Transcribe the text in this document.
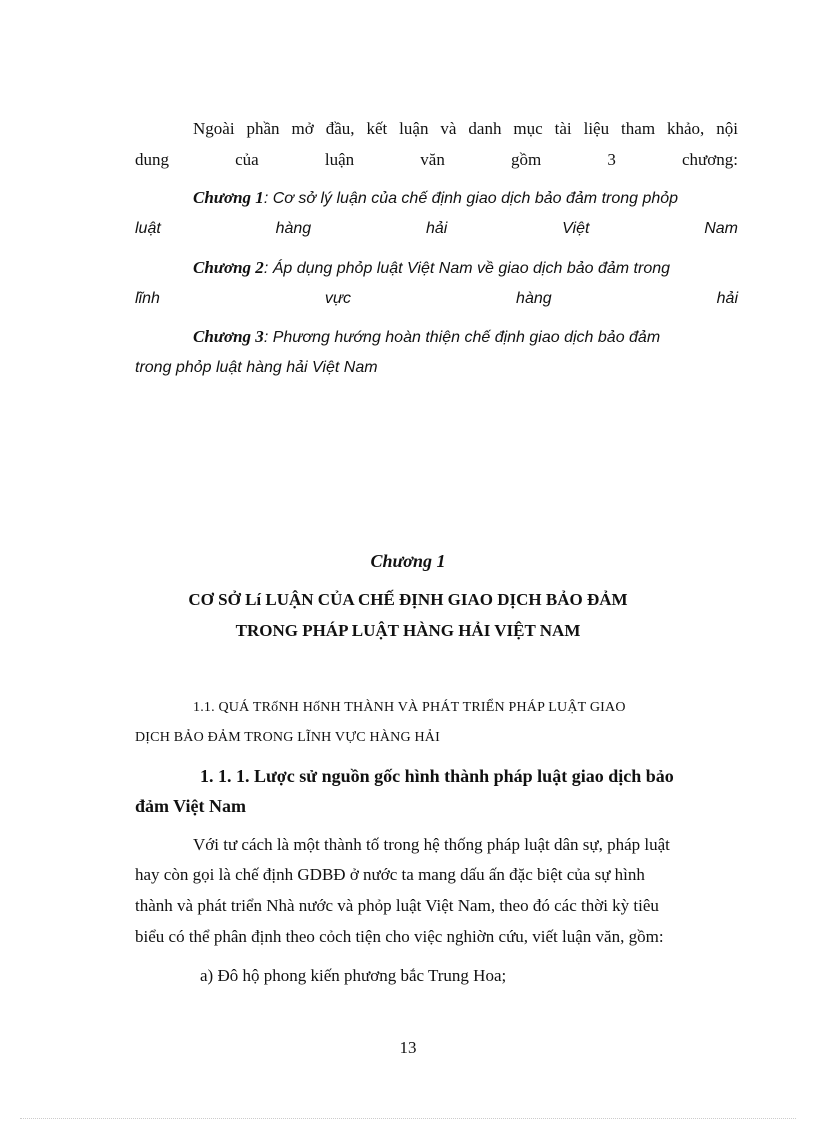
Ngoài phần mở đầu, kết luận và danh mục tài liệu tham khảo, nội
dung	của	luận	văn	gồm	3	chương:
Chương 1: Cơ sở lý luận của chế định giao dịch bảo đảm trong phỏp
luật	hàng	hải	Việt	Nam
Chương 2: Áp dụng phỏp luật Việt Nam về giao dịch bảo đảm trong
lĩnh	vực	hàng	hải
Chương 3: Phương hướng hoàn thiện chế định giao dịch bảo đảm
trong phỏp luật hàng hải Việt Nam
Chương 1
CƠ SỞ Lí LUẬN CỦA CHẾ ĐỊNH GIAO DỊCH BẢO ĐẢM
TRONG PHÁP LUẬT HÀNG HẢI VIỆT NAM
1.1. QUÁ TRốNH HốNH THÀNH VÀ PHÁT TRIỂN PHÁP LUẬT GIAO
DỊCH BẢO ĐẢM TRONG LĨNH VỰC HÀNG HẢI
1. 1. 1. Lược sử nguồn gốc hình thành pháp luật giao dịch bảo
đảm Việt Nam
Với tư cách là một thành tố trong hệ thống pháp luật dân sự, pháp luật
hay còn gọi là chế định GDBĐ ở nước ta mang dấu ấn đặc biệt của sự hình
thành và phát triển Nhà nước và phỏp luật Việt Nam, theo đó các thời kỳ tiêu
biểu có thể phân định theo cỏch tiện cho việc nghiờn cứu, viết luận văn, gồm:
a) Đô hộ phong kiến phương bắc Trung Hoa;
13
